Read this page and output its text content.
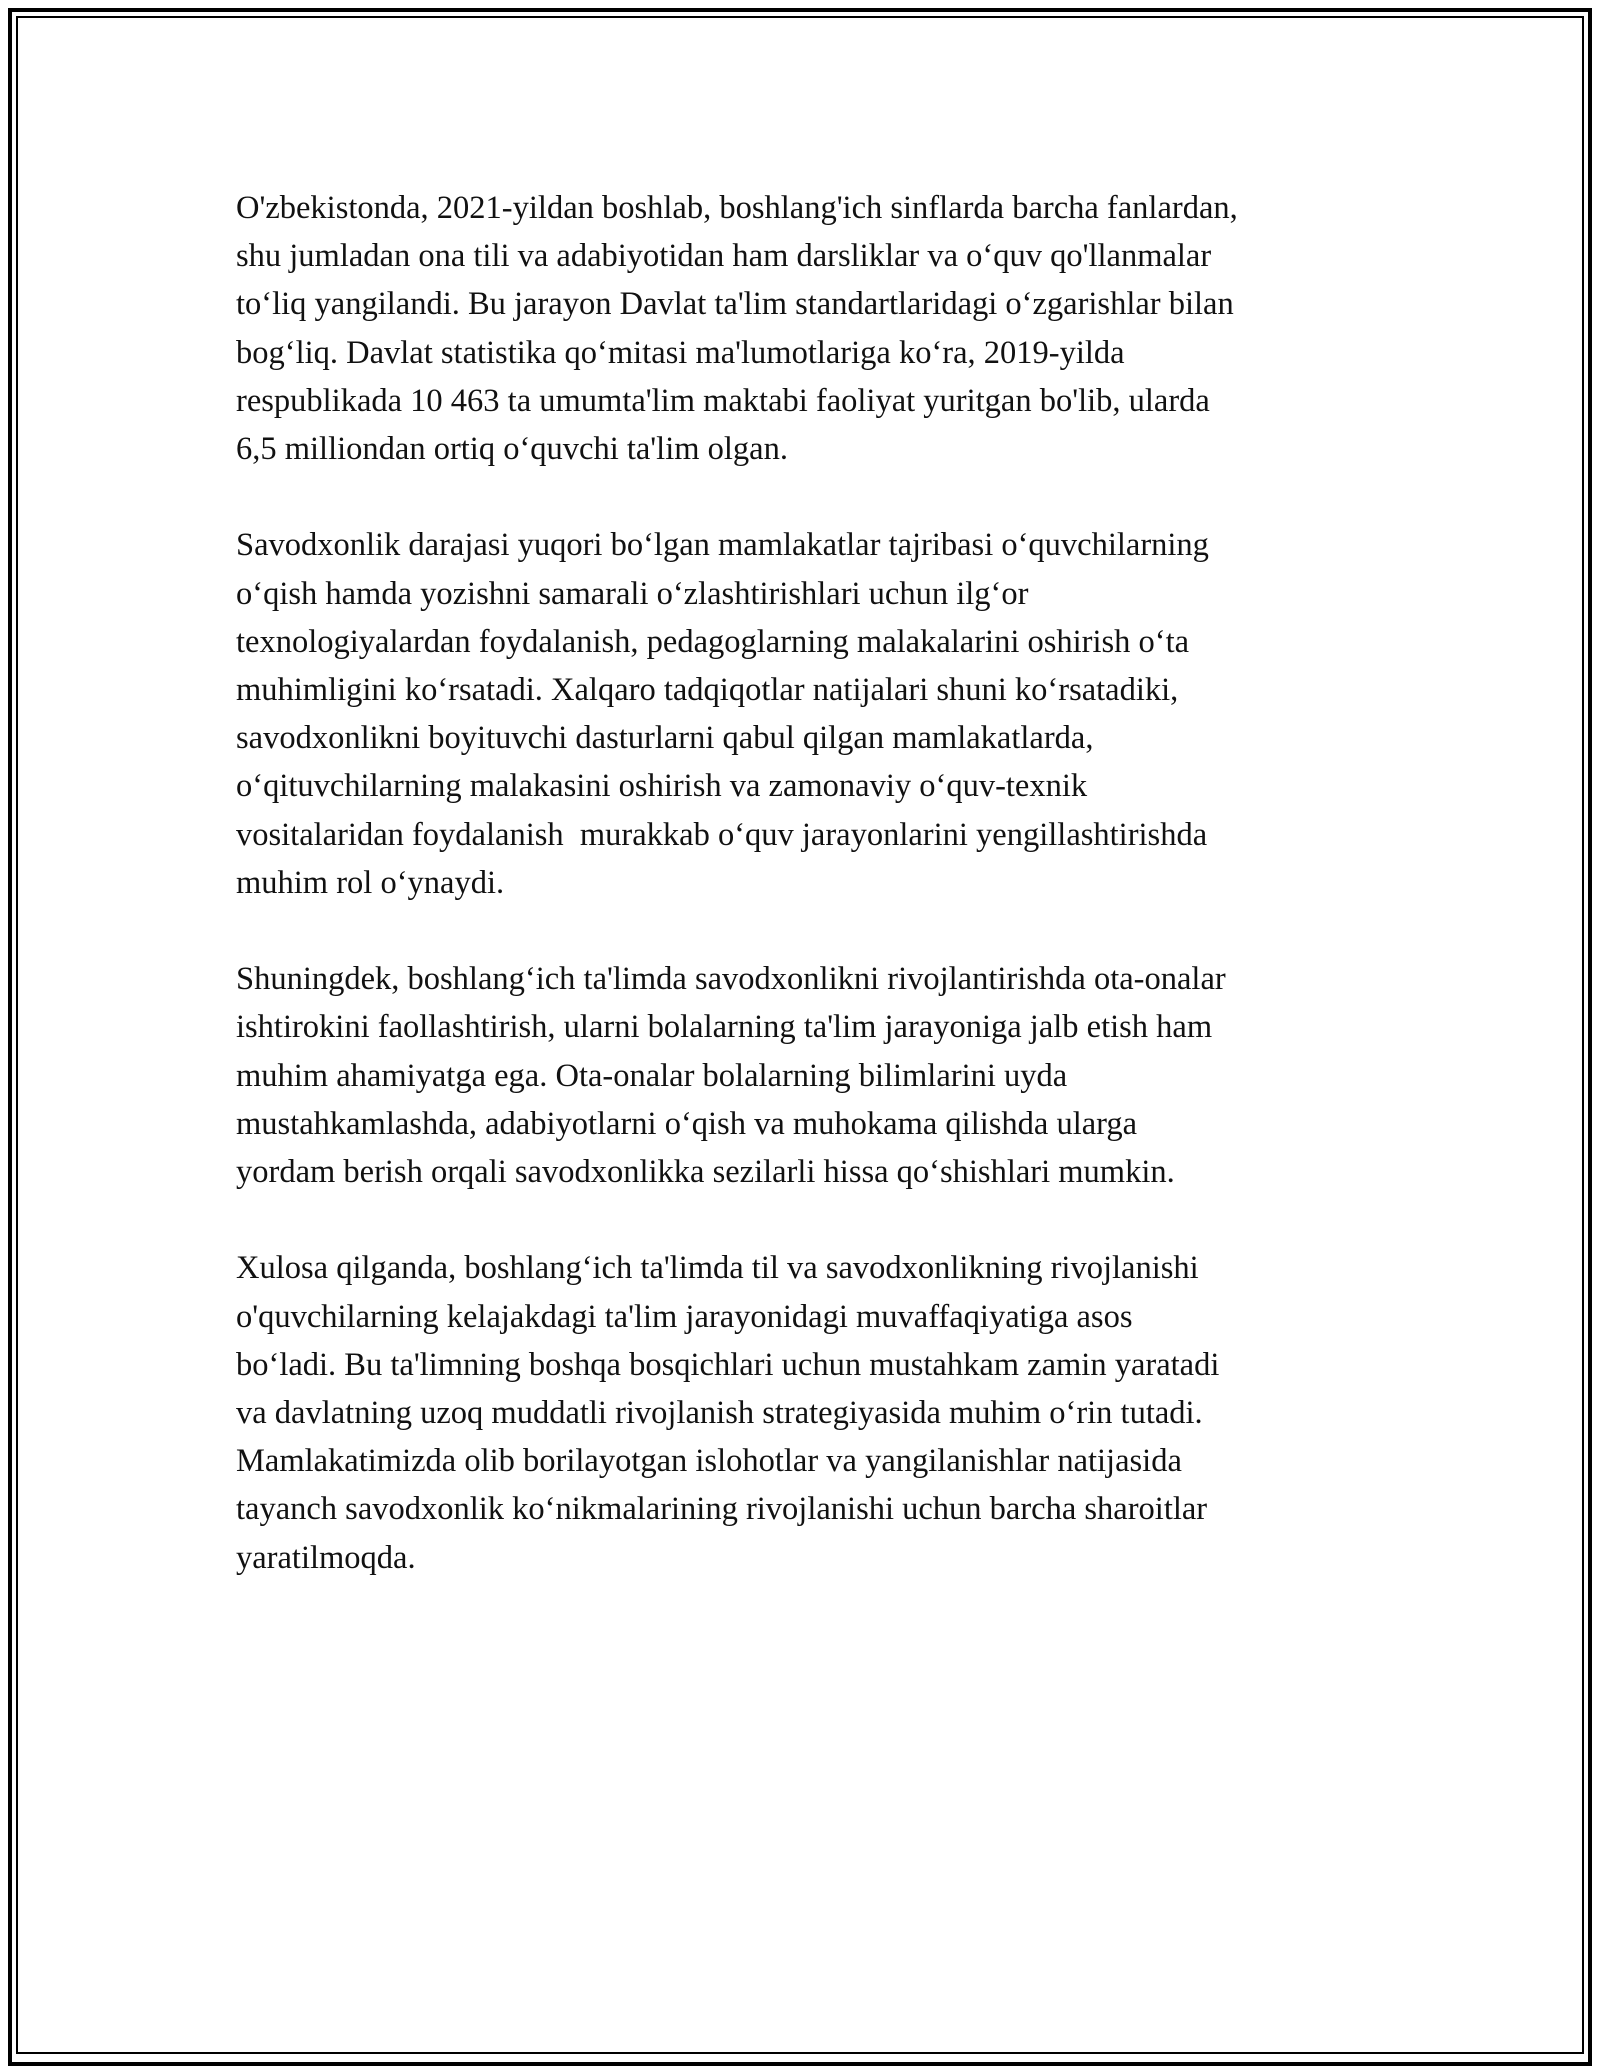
O'zbekistonda, 2021-yildan boshlab, boshlang'ich sinflarda barcha fanlardan,
shu jumladan ona tili va adabiyotidan ham darsliklar va o‘quv qo'llanmalar
to‘liq yangilandi. Bu jarayon Davlat ta'lim standartlaridagi o‘zgarishlar bilan
bog‘liq. Davlat statistika qo‘mitasi ma'lumotlariga ko‘ra, 2019-yilda
respublikada 10 463 ta umumta'lim maktabi faoliyat yuritgan bo'lib, ularda
6,5 milliondan ortiq o‘quvchi ta'lim olgan.

Savodxonlik darajasi yuqori bo‘lgan mamlakatlar tajribasi o‘quvchilarning
o‘qish hamda yozishni samarali o‘zlashtirishlari uchun ilg‘or
texnologiyalardan foydalanish, pedagoglarning malakalarini oshirish o‘ta
muhimligini ko‘rsatadi. Xalqaro tadqiqotlar natijalari shuni ko‘rsatadiki,
savodxonlikni boyituvchi dasturlarni qabul qilgan mamlakatlarda,
o‘qituvchilarning malakasini oshirish va zamonaviy o‘quv-texnik
vositalaridan foydalanish  murakkab o‘quv jarayonlarini yengillashtirishda
muhim rol o‘ynaydi.

Shuningdek, boshlang‘ich ta'limda savodxonlikni rivojlantirishda ota-onalar
ishtirokini faollashtirish, ularni bolalarning ta'lim jarayoniga jalb etish ham
muhim ahamiyatga ega. Ota-onalar bolalarning bilimlarini uyda
mustahkamlashda, adabiyotlarni o‘qish va muhokama qilishda ularga
yordam berish orqali savodxonlikka sezilarli hissa qo‘shishlari mumkin.

Xulosa qilganda, boshlang‘ich ta'limda til va savodxonlikning rivojlanishi
o'quvchilarning kelajakdagi ta'lim jarayonidagi muvaffaqiyatiga asos
bo‘ladi. Bu ta'limning boshqa bosqichlari uchun mustahkam zamin yaratadi
va davlatning uzoq muddatli rivojlanish strategiyasida muhim o‘rin tutadi.
Mamlakatimizda olib borilayotgan islohotlar va yangilanishlar natijasida
tayanch savodxonlik ko‘nikmalarining rivojlanishi uchun barcha sharoitlar
yaratilmoqda.
